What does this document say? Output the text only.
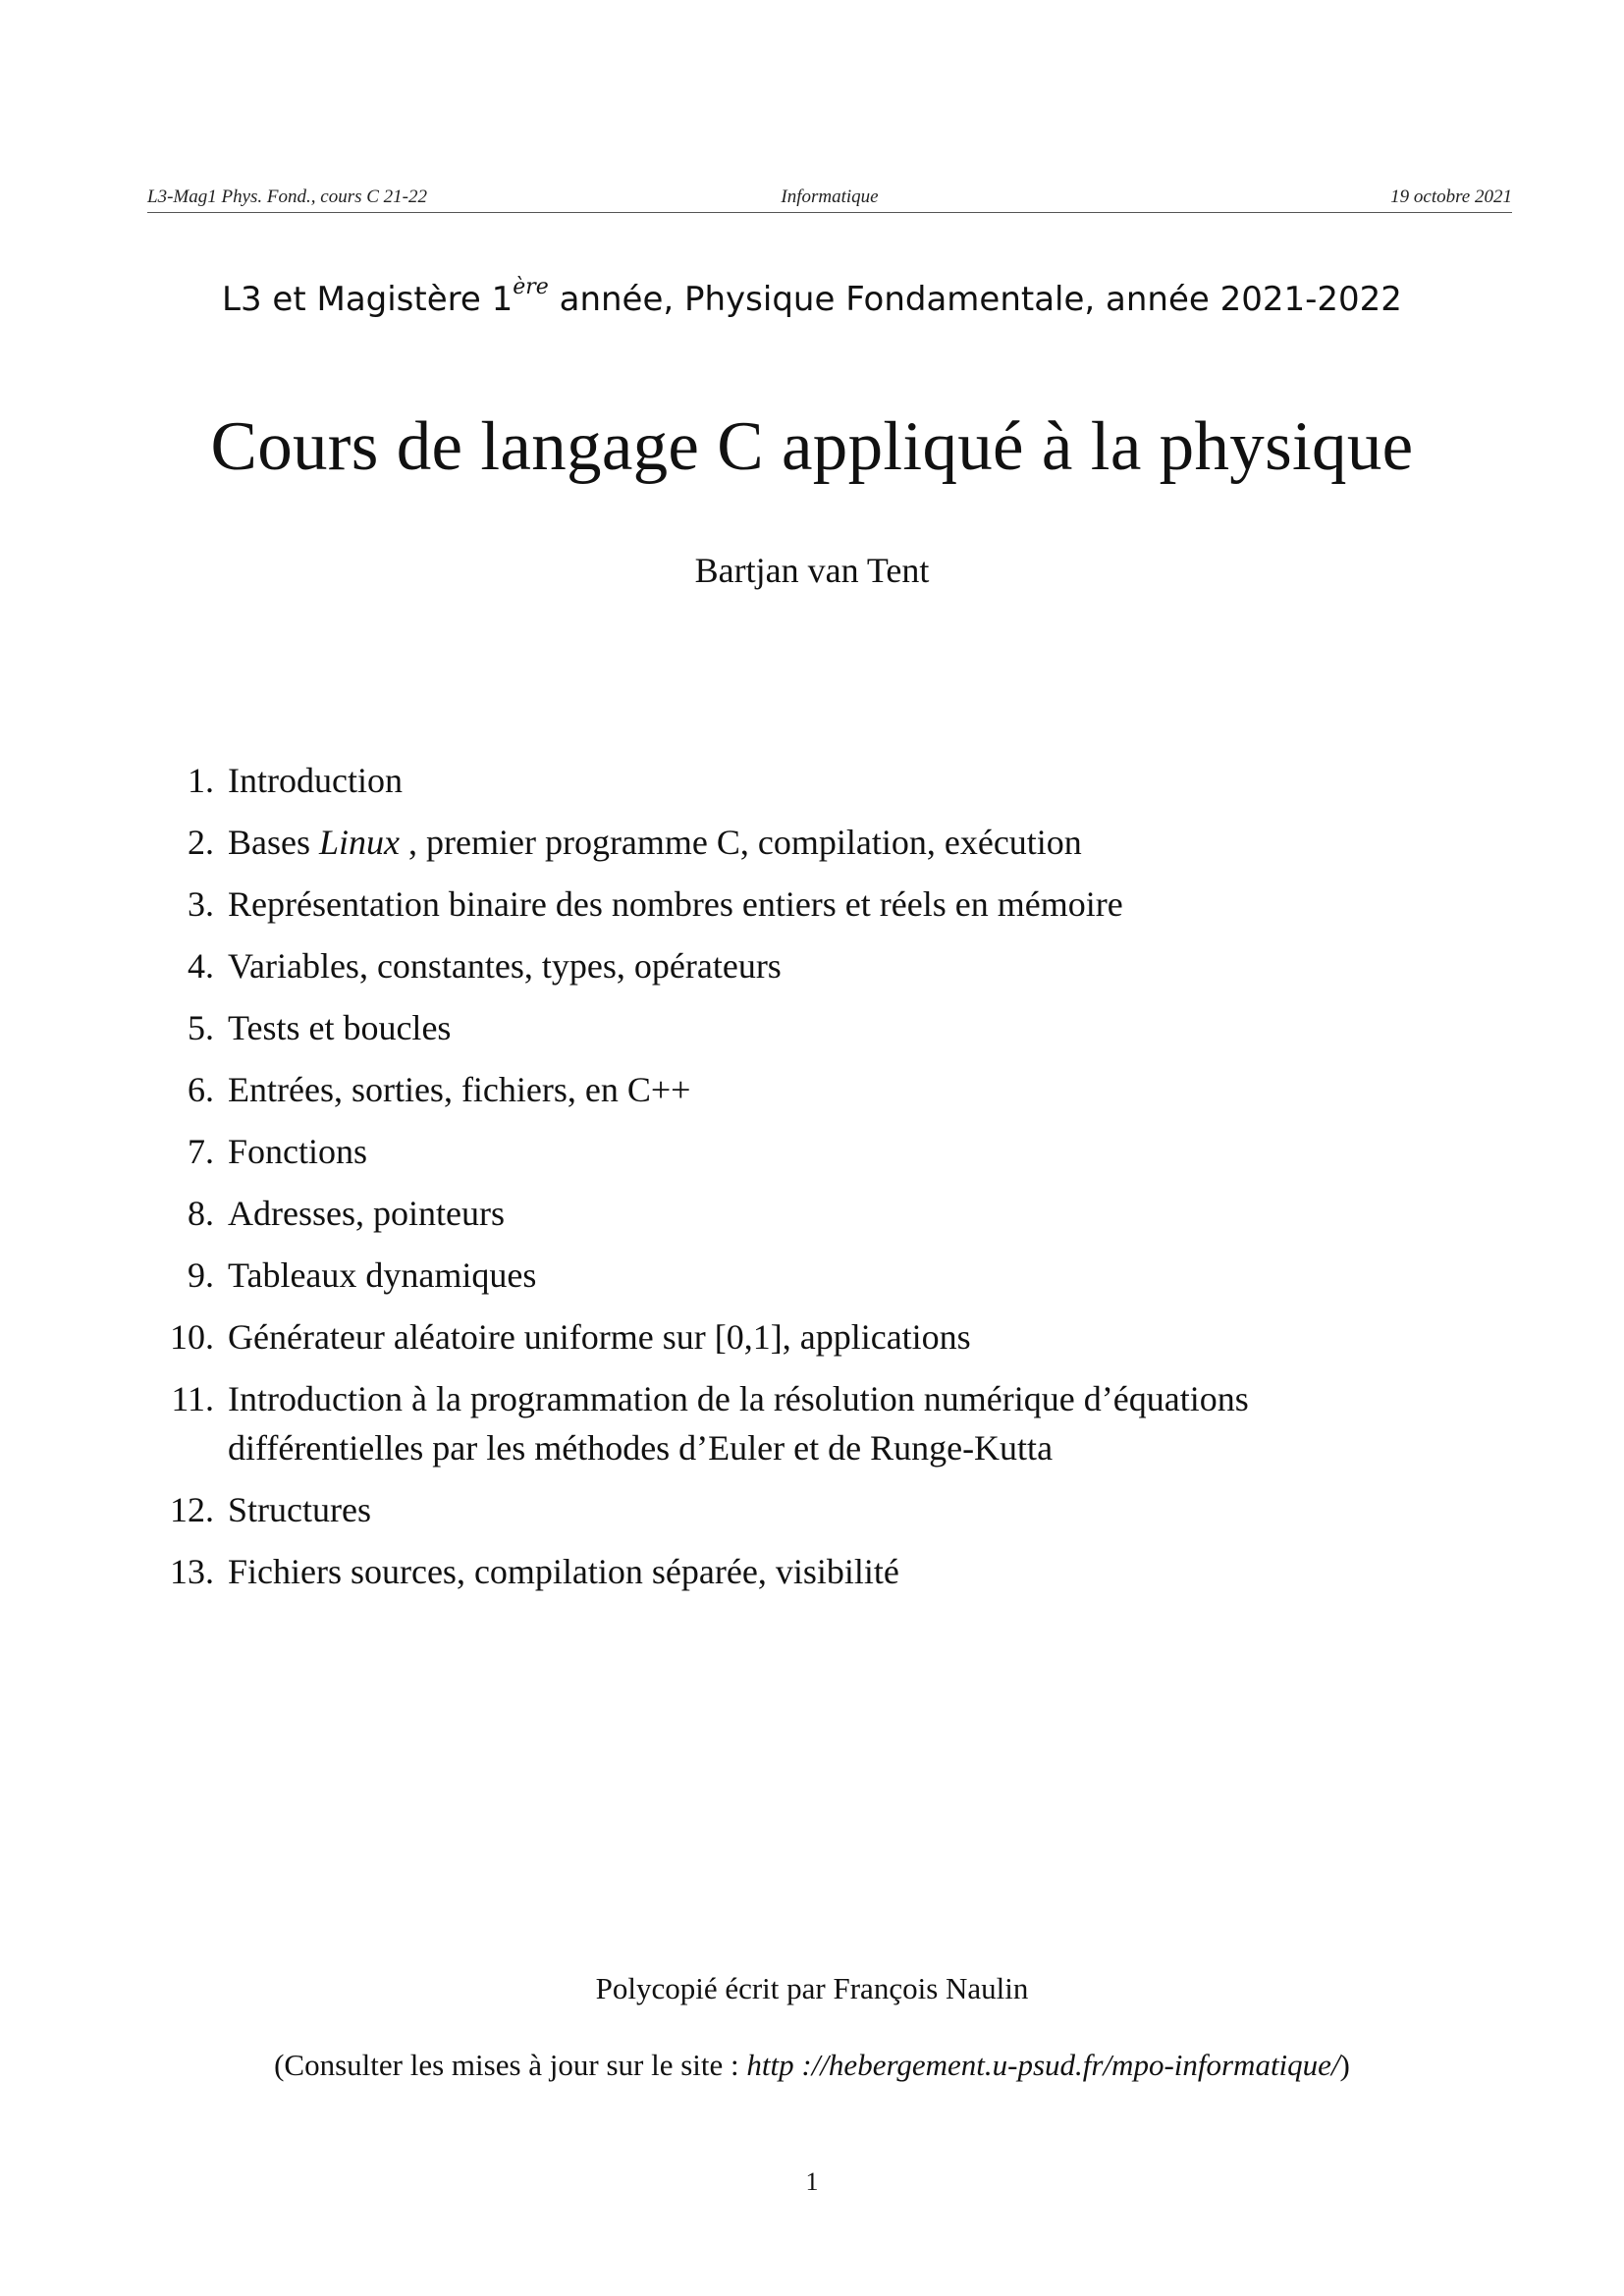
L3-Mag1 Phys. Fond., cours C 21-22	Informatique	19 octobre 2021
L3 et Magistère 1ère année, Physique Fondamentale, année 2021-2022
Cours de langage C appliqué à la physique
Bartjan van Tent
1. Introduction
2. Bases Linux , premier programme C, compilation, exécution
3. Représentation binaire des nombres entiers et réels en mémoire
4. Variables, constantes, types, opérateurs
5. Tests et boucles
6. Entrées, sorties, fichiers, en C++
7. Fonctions
8. Adresses, pointeurs
9. Tableaux dynamiques
10. Générateur aléatoire uniforme sur [0,1], applications
11. Introduction à la programmation de la résolution numérique d’équations
différentielles par les méthodes d’Euler et de Runge-Kutta
12. Structures
13. Fichiers sources, compilation séparée, visibilité
Polycopié écrit par François Naulin
(Consulter les mises à jour sur le site : http ://hebergement.u-psud.fr/mpo-informatique/)
1
